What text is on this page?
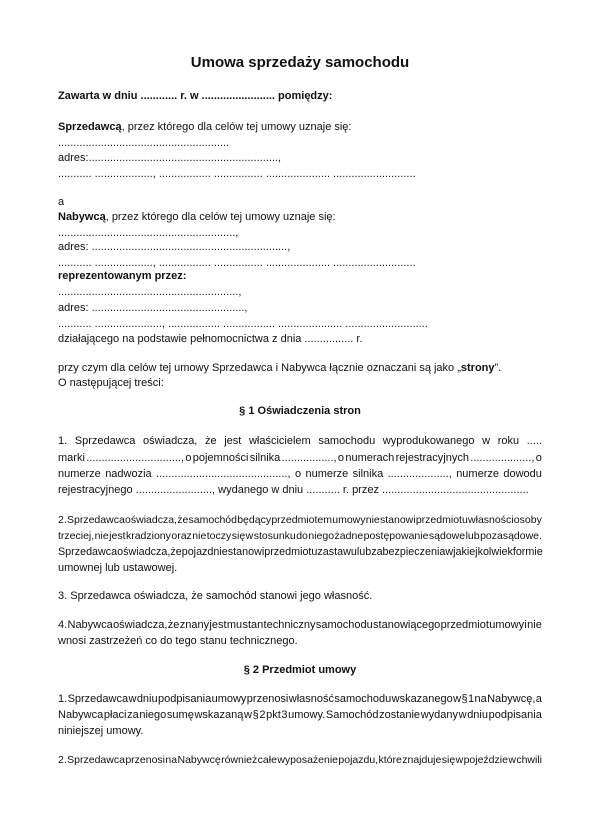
Umowa sprzedaży samochodu

Zawarta w dniu ............ r. w ........................ pomiędzy:

Sprzedawcą, przez którego dla celów tej umowy uznaje się:

........................................................

adres:..............................................................,

........... ..................., ................. ................ ..................... ...........................

a

Nabywcą, przez którego dla celów tej umowy uznaje się:

..........................................................,

adres: ................................................................,

........... ..................., ................. ................ ..................... ...........................

reprezentowanym przez:

...........................................................,

adres: ..................................................,

........... ......................, ................. ................. ..................... ...........................

działającego na podstawie pełnomocnictwa z dnia ................ r.

przy czym dla celów tej umowy Sprzedawca i Nabywca łącznie oznaczani są jako „strony”.

O następującej treści:

§ 1 Oświadczenia stron

1. Sprzedawca oświadcza, że jest właścicielem samochodu wyprodukowanego w roku .....

marki ..............................., o pojemności silnika ................., o numerach rejestracyjnych ...................., o

numerze nadwozia ..........................................., o numerze silnika ...................., numerze dowodu

rejestracyjnego ........................., wydanego w dniu ........... r. przez ................................................

2. Sprzedawca oświadcza, że samochód będący przedmiotem umowy nie stanowi przedmiotu własności osoby

trzeciej, nie jest kradziony oraz nie toczy się w stosunku do niego żadne postępowanie sądowe lub pozasądowe.

Sprzedawca oświadcza, że pojazd nie stanowi przedmiotu zastawu lub zabezpieczenia w jakiejkolwiek formie

umownej lub ustawowej.

3. Sprzedawca oświadcza, że samochód stanowi jego własność.

4. Nabywca oświadcza, że znany jest mu stan techniczny samochodu stanowiącego przedmiot umowy i nie

wnosi zastrzeżeń co do tego stanu technicznego.

§ 2 Przedmiot umowy

1. Sprzedawca w dniu podpisania umowy przenosi własność samochodu wskazanego w § 1 na Nabywcę, a

Nabywca płaci za niego sumę wskazaną w § 2 pkt 3 umowy. Samochód zostanie wydany w dniu podpisania

niniejszej umowy.

2. Sprzedawca przenosi na Nabywcę również całe wyposażenie pojazdu, które znajduje się w pojeździe w chwili
